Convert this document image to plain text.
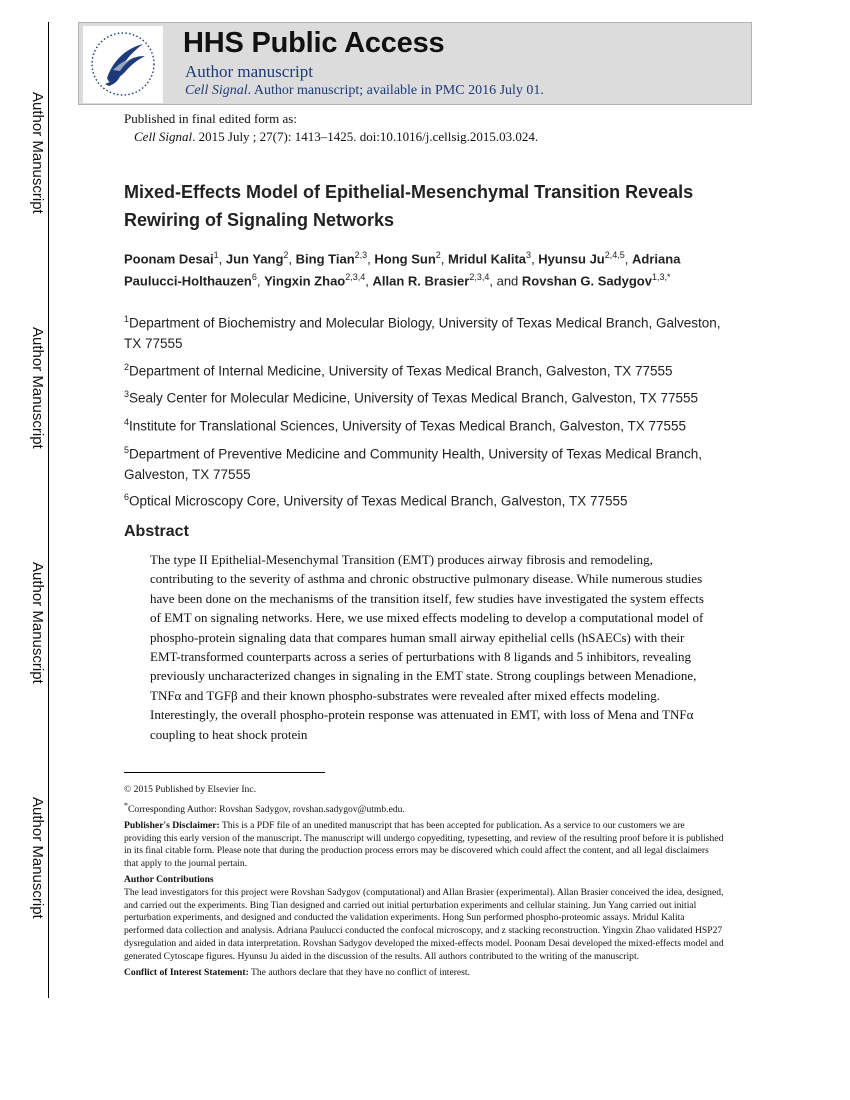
Author Manuscript
Author Manuscript
Author Manuscript
Author Manuscript
HHS Public Access
Author manuscript
Cell Signal. Author manuscript; available in PMC 2016 July 01.
Published in final edited form as:
Cell Signal. 2015 July ; 27(7): 1413–1425. doi:10.1016/j.cellsig.2015.03.024.
Mixed-Effects Model of Epithelial-Mesenchymal Transition Reveals Rewiring of Signaling Networks
Poonam Desai$^1$, Jun Yang$^2$, Bing Tian$^{2,3}$, Hong Sun$^2$, Mridul Kalita$^3$, Hyunsu Ju$^{2,4,5}$, Adriana Paulucci-Holthauzen$^6$, Yingxin Zhao$^{2,3,4}$, Allan R. Brasier$^{2,3,4}$, and Rovshan G. Sadygov$^{1,3,*}$
$^1$Department of Biochemistry and Molecular Biology, University of Texas Medical Branch, Galveston, TX 77555
$^2$Department of Internal Medicine, University of Texas Medical Branch, Galveston, TX 77555
$^3$Sealy Center for Molecular Medicine, University of Texas Medical Branch, Galveston, TX 77555
$^4$Institute for Translational Sciences, University of Texas Medical Branch, Galveston, TX 77555
$^5$Department of Preventive Medicine and Community Health, University of Texas Medical Branch, Galveston, TX 77555
$^6$Optical Microscopy Core, University of Texas Medical Branch, Galveston, TX 77555
Abstract
The type II Epithelial-Mesenchymal Transition (EMT) produces airway fibrosis and remodeling, contributing to the severity of asthma and chronic obstructive pulmonary disease. While numerous studies have been done on the mechanisms of the transition itself, few studies have investigated the system effects of EMT on signaling networks. Here, we use mixed effects modeling to develop a computational model of phospho-protein signaling data that compares human small airway epithelial cells (hSAECs) with their EMT-transformed counterparts across a series of perturbations with 8 ligands and 5 inhibitors, revealing previously uncharacterized changes in signaling in the EMT state. Strong couplings between Menadione, TNFα and TGFβ and their known phospho-substrates were revealed after mixed effects modeling. Interestingly, the overall phospho-protein response was attenuated in EMT, with loss of Mena and TNFα coupling to heat shock protein

© 2015 Published by Elsevier Inc.

*Corresponding Author: Rovshan Sadygov, rovshan.sadygov@utmb.edu.

Publisher's Disclaimer: This is a PDF file of an unedited manuscript that has been accepted for publication. As a service to our customers we are providing this early version of the manuscript. The manuscript will undergo copyediting, typesetting, and review of the resulting proof before it is published in its final citable form. Please note that during the production process errors may be discovered which could affect the content, and all legal disclaimers that apply to the journal pertain.

Author Contributions

The lead investigators for this project were Rovshan Sadygov (computational) and Allan Brasier (experimental). Allan Brasier conceived the idea, designed, and carried out the experiments. Bing Tian designed and carried out initial perturbation experiments and cellular staining. Jun Yang carried out initial perturbation experiments, and designed and conducted the validation experiments. Hong Sun performed phospho-proteomic assays. Mridul Kalita performed data collection and analysis. Adriana Paulucci conducted the confocal microscopy, and z stacking reconstruction. Yingxin Zhao validated HSP27 dysregulation and aided in data interpretation. Rovshan Sadygov developed the mixed-effects model. Poonam Desai developed the mixed-effects model and generated Cytoscape figures. Hyunsu Ju aided in the discussion of the results. All authors contributed to the writing of the manuscript.

Conflict of Interest Statement: The authors declare that they have no conflict of interest.
